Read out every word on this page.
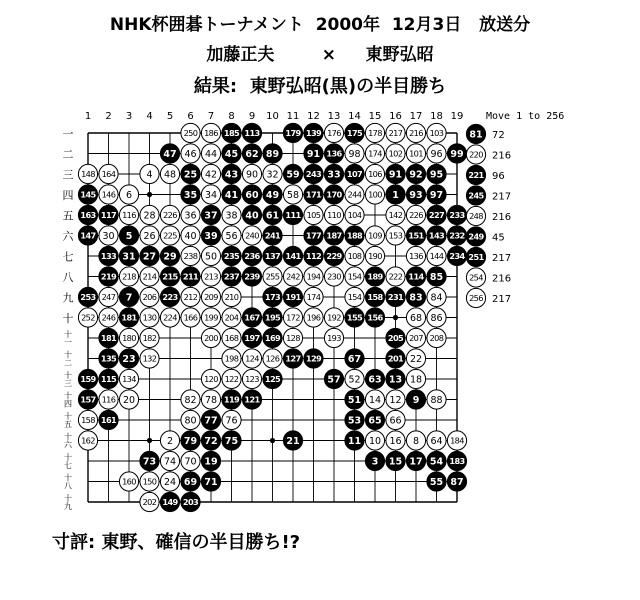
NHK杯囲碁トーナメント  2000年  12月3日   放送分
加藤正夫        ×     東野弘昭
結果:  東野弘昭(黒)の半目勝ち
1 2 3 4 5 6 7 8 9 10 11 12 13 14 15 16 17 18 19
一
二
三
四
五
六
七
八
九
十
十一
十二
十三
十四
十五
十六
十七
十八
十九
250 186 185 113	179 139 176 175 178 217 216 103
47 46 44 45 62 89	91 136 98 174 102 101 96 99
148 164	4 48 25 42 43 90 32 59 243 33 107 106 91 92 95
145 146 6	35 34 41 60 49 58 171 170 244 100 1 93 97
163 117 116 28 226 36 37 38 40 61 111 105 110 104	142 226 227 233
147 30 5 26 225 40 39 56 240 241	177 187 188 109 153 151 143 232
133 31 27 29 238 50 235 236 137 141 112 229 108 190	136 144 234
219 218 214 215 211 213 237 239 255 242 194 230 154 189 222 114 85
253 247 7 206 223 212 209 210	173 191 174	154 158 231 83 84
252 246 181 130 224 166 199 204 167 195 172 196 192 155 156	68 86
181 180 182	200 168 197 169 128	193	205 207 208
135 23 132	198 124 126 127 129	67	201 22
159 115 134	120 122 123 125	57 52 63 13 18
157 116 20	82 78 119 121	51 14 12 9 88
158 161	80 77 76	53 65 66
162	2 79 72 75	21	11 10 16 8 64 184
73 74 70 19	3 15 17 54 183
160 150 24 69 71	55 87
202 149 203
81 72
220 216
221 96
245 217
248 216
249 45
251 217
254 216
256 217
Move 1 to 256
寸評: 東野、確信の半目勝ち!?
